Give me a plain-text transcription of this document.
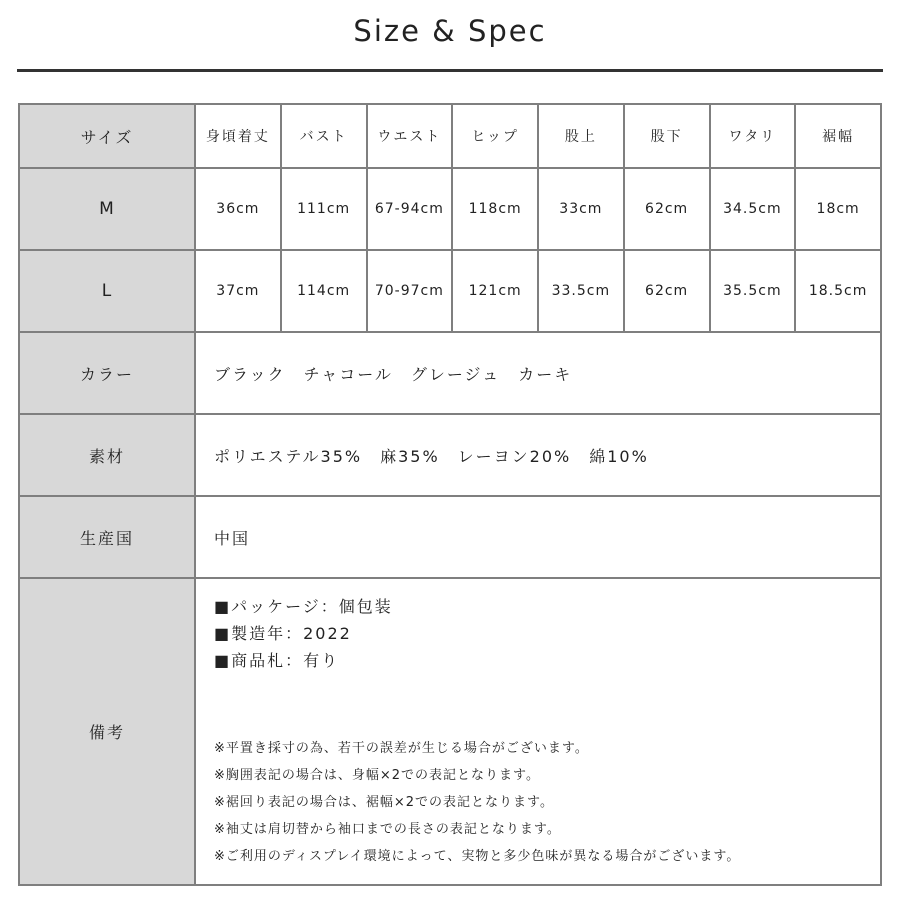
Size & Spec
サイズ	身頃着丈	バスト	ウエスト	ヒップ	股上	股下	ワタリ	裾幅
M	36cm	111cm	67-94cm	118cm	33cm	62cm	34.5cm	18cm
L	37cm	114cm	70-97cm	121cm	33.5cm	62cm	35.5cm	18.5cm
カラー	ブラック　チャコール　グレージュ　カーキ
素材	ポリエステル35%　麻35%　レーヨン20%　綿10%
生産国	中国
備考
■パッケージ：個包装
■製造年：2022
■商品札：有り
※平置き採寸の為、若干の誤差が生じる場合がございます。
※胸囲表記の場合は、身幅×2での表記となります。
※裾回り表記の場合は、裾幅×2での表記となります。
※袖丈は肩切替から袖口までの長さの表記となります。
※ご利用のディスプレイ環境によって、実物と多少色味が異なる場合がございます。
